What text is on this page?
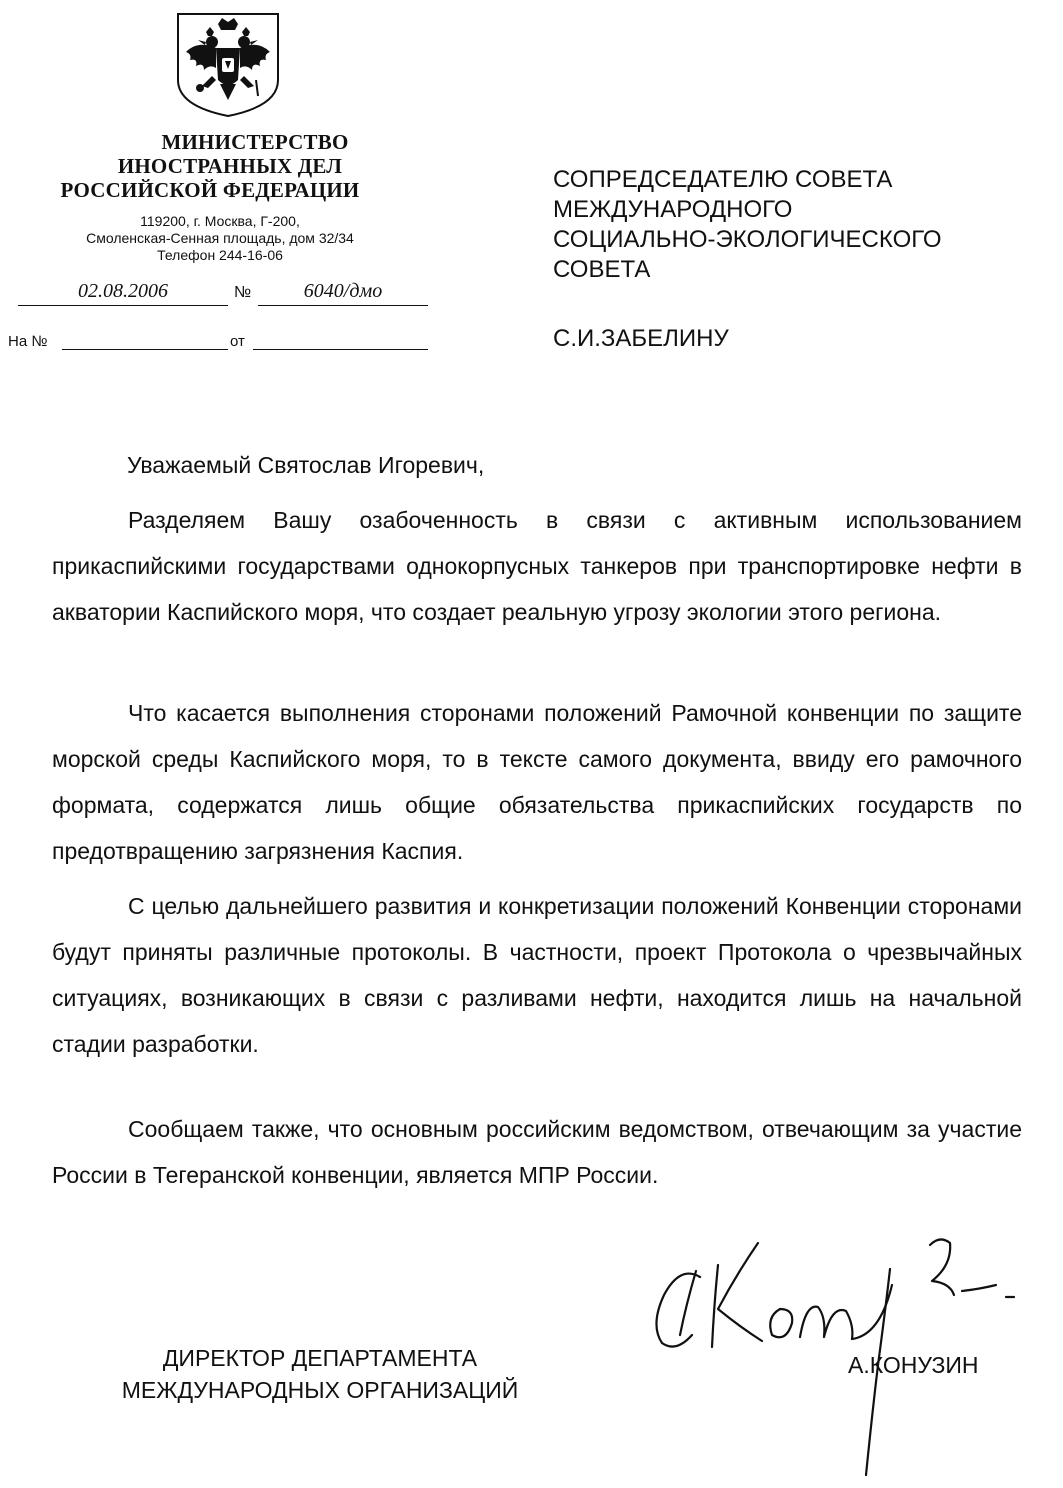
МИНИСТЕРСТВО
ИНОСТРАННЫХ ДЕЛ
РОССИЙСКОЙ ФЕДЕРАЦИИ
119200, г. Москва, Г-200,
Смоленская-Сенная площадь, дом 32/34
Телефон 244-16-06
02.08.2006	№	6040/дмо
На №	от
СОПРЕДСЕДАТЕЛЮ СОВЕТА
МЕЖДУНАРОДНОГО
СОЦИАЛЬНО-ЭКОЛОГИЧЕСКОГО
СОВЕТА
С.И.ЗАБЕЛИНУ
Уважаемый Святослав Игоревич,

Разделяем Вашу озабоченность в связи с активным использованием прикаспийскими государствами однокорпусных танкеров при транспортировке нефти в акватории Каспийского моря, что создает реальную угрозу экологии этого региона.

Что касается выполнения сторонами положений Рамочной конвенции по защите морской среды Каспийского моря, то в тексте самого документа, ввиду его рамочного формата, содержатся лишь общие обязательства прикаспийских государств по предотвращению загрязнения Каспия.

С целью дальнейшего развития и конкретизации положений Конвенции сторонами будут приняты различные протоколы. В частности, проект Протокола о чрезвычайных ситуациях, возникающих в связи с разливами нефти, находится лишь на начальной стадии разработки.

Сообщаем также, что основным российским ведомством, отвечающим за участие России в Тегеранской конвенции, является МПР России.

ДИРЕКТОР ДЕПАРТАМЕНТА
МЕЖДУНАРОДНЫХ ОРГАНИЗАЦИЙ
А.КОНУЗИН
